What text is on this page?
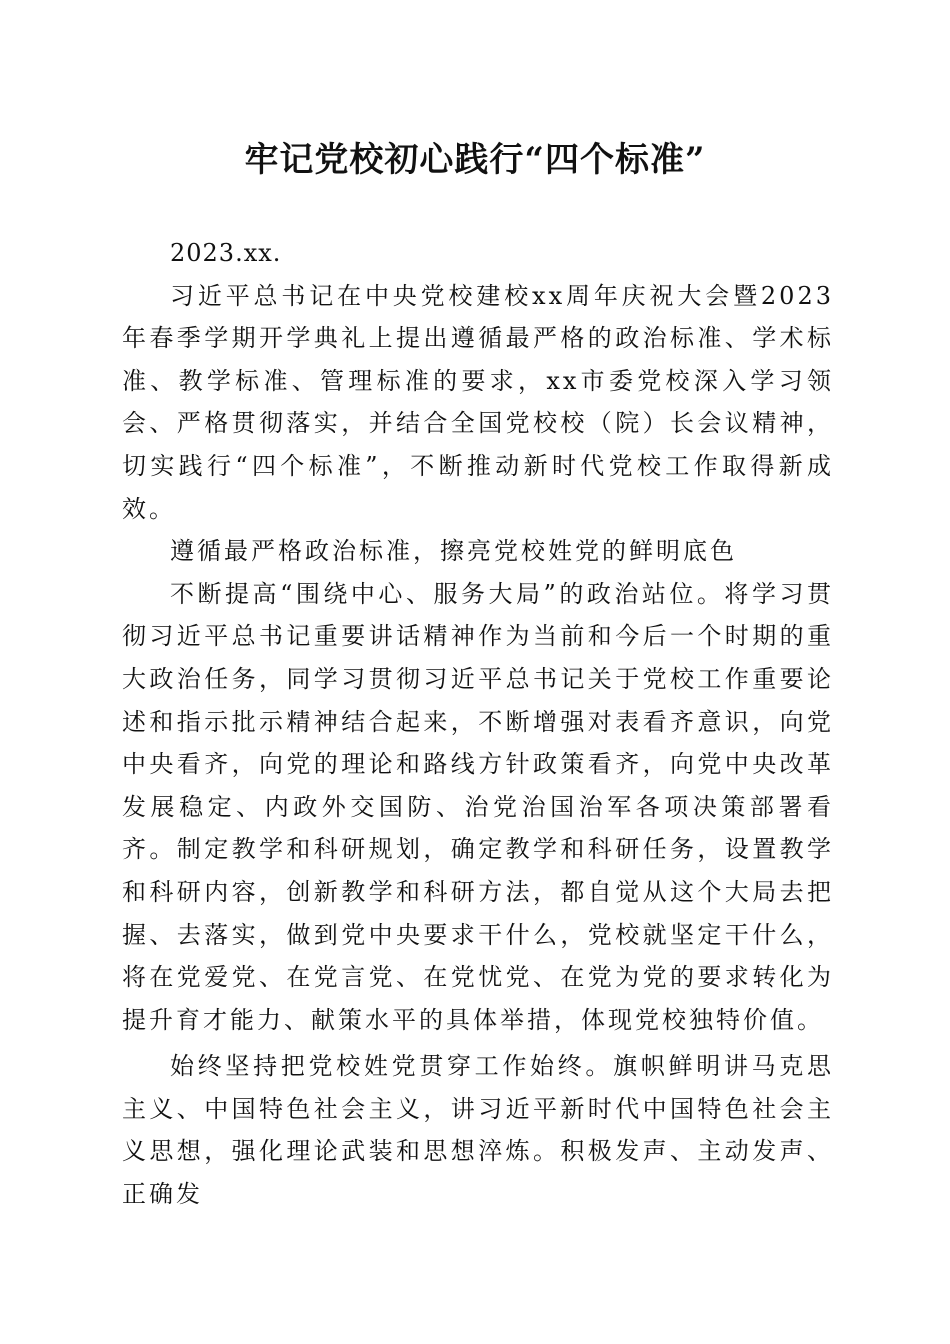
牢记党校初心践行“四个标准”

2023.xx.

习近平总书记在中央党校建校xx周年庆祝大会暨2023年春季学期开学典礼上提出遵循最严格的政治标准、学术标准、教学标准、管理标准的要求，xx市委党校深入学习领会、严格贯彻落实，并结合全国党校校（院）长会议精神，切实践行“四个标准”，不断推动新时代党校工作取得新成效。

遵循最严格政治标准，擦亮党校姓党的鲜明底色

不断提高“围绕中心、服务大局”的政治站位。将学习贯彻习近平总书记重要讲话精神作为当前和今后一个时期的重大政治任务，同学习贯彻习近平总书记关于党校工作重要论述和指示批示精神结合起来，不断增强对表看齐意识，向党中央看齐，向党的理论和路线方针政策看齐，向党中央改革发展稳定、内政外交国防、治党治国治军各项决策部署看齐。制定教学和科研规划，确定教学和科研任务，设置教学和科研内容，创新教学和科研方法，都自觉从这个大局去把握、去落实，做到党中央要求干什么，党校就坚定干什么，将在党爱党、在党言党、在党忧党、在党为党的要求转化为提升育才能力、献策水平的具体举措，体现党校独特价值。

始终坚持把党校姓党贯穿工作始终。旗帜鲜明讲马克思主义、中国特色社会主义，讲习近平新时代中国特色社会主义思想，强化理论武装和思想淬炼。积极发声、主动发声、正确发
